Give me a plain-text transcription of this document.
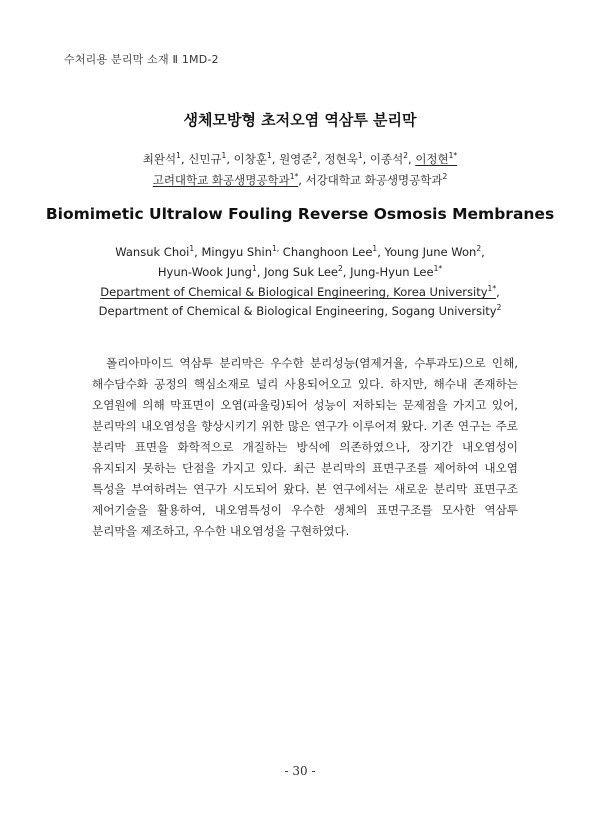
수처리용 분리막 소재 Ⅱ 1MD-2
생체모방형 초저오염 역삼투 분리막
최완석$^1$, 신민규$^1$, 이창훈$^1$, 원영준$^2$, 정현욱$^1$, 이종석$^2$, 이정현$^{1*}$
고려대학교 화공생명공학과$^{1*}$, 서강대학교 화공생명공학과$^2$
Biomimetic Ultralow Fouling Reverse Osmosis Membranes
Wansuk Choi$^1$, Mingyu Shin$^{1,}$ Changhoon Lee$^1$, Young June Won$^2$,
Hyun-Wook Jung$^1$, Jong Suk Lee$^2$, Jung-Hyun Lee$^{1*}$
Department of Chemical & Biological Engineering, Korea University$^{1*}$,
Department of Chemical & Biological Engineering, Sogang University$^2$

폴리아마이드 역삼투 분리막은 우수한 분리성능(염제거율, 수투과도)으로 인해, 해수담수화 공정의 핵심소재로 널리 사용되어오고 있다. 하지만, 해수내 존재하는 오염원에 의해 막표면이 오염(파울링)되어 성능이 저하되는 문제점을 가지고 있어, 분리막의 내오염성을 향상시키기 위한 많은 연구가 이루어져 왔다. 기존 연구는 주로 분리막 표면을 화학적으로 개질하는 방식에 의존하였으나, 장기간 내오염성이 유지되지 못하는 단점을 가지고 있다. 최근 분리막의 표면구조를 제어하여 내오염 특성을 부여하려는 연구가 시도되어 왔다. 본 연구에서는 새로운 분리막 표면구조 제어기술을 활용하여, 내오염특성이 우수한 생체의 표면구조를 모사한 역삼투 분리막을 제조하고, 우수한 내오염성을 구현하였다.

- 30 -
